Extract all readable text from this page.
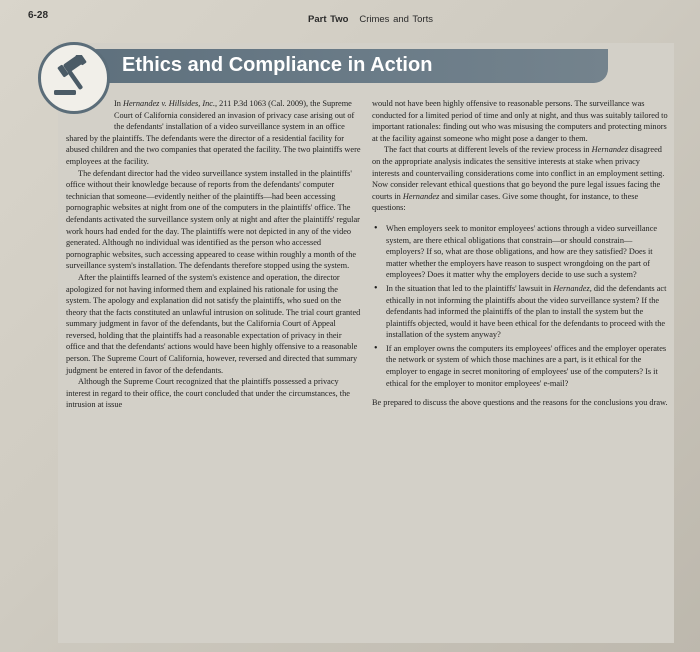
6-28	Part Two Crimes and Torts
Ethics and Compliance in Action

In Hernandez v. Hillsides, Inc., 211 P.3d 1063 (Cal. 2009), the Supreme Court of California considered an invasion of privacy case arising out of the defendants' installation of a video surveillance system in an office shared by the plaintiffs. The defendants were the director of a residential facility for abused children and the two companies that operated the facility. The two plaintiffs were employees at the facility.

The defendant director had the video surveillance system installed in the plaintiffs' office without their knowledge because of reports from the defendants' computer technician that someone—evidently neither of the plaintiffs—had been accessing pornographic websites at night from one of the computers in the plaintiffs' office. The defendants activated the surveillance system only at night and after the plaintiffs' regular work hours had ended for the day. The plaintiffs were not depicted in any of the video generated. Although no individual was identified as the person who accessed pornographic websites, such accessing appeared to cease within roughly a month of the surveillance system's installation. The defendants therefore stopped using the system.

After the plaintiffs learned of the system's existence and operation, the director apologized for not having informed them and explained his rationale for using the system. The apology and explanation did not satisfy the plaintiffs, who sued on the theory that the facts constituted an unlawful intrusion on solitude. The trial court granted summary judgment in favor of the defendants, but the California Court of Appeal reversed, holding that the plaintiffs had a reasonable expectation of privacy in their office and that the defendants' actions would have been highly offensive to a reasonable person. The Supreme Court of California, however, reversed and directed that summary judgment be entered in favor of the defendants.

Although the Supreme Court recognized that the plaintiffs possessed a privacy interest in regard to their office, the court concluded that under the circumstances, the intrusion at issue

would not have been highly offensive to reasonable persons. The surveillance was conducted for a limited period of time and only at night, and thus was suitably tailored to important rationales: finding out who was misusing the computers and protecting minors at the facility against someone who might pose a danger to them.

The fact that courts at different levels of the review process in Hernandez disagreed on the appropriate analysis indicates the sensitive interests at stake when privacy interests and countervailing considerations come into conflict in an employment setting. Now consider relevant ethical questions that go beyond the pure legal issues facing the courts in Hernandez and similar cases. Give some thought, for instance, to these questions:

• When employers seek to monitor employees' actions through a video surveillance system, are there ethical obligations that constrain—or should constrain—employers? If so, what are those obligations, and how are they satisfied? Does it matter whether the employers have reason to suspect wrongdoing on the part of employees? Does it matter why the employers decide to use such a system?
• In the situation that led to the plaintiffs' lawsuit in Hernandez, did the defendants act ethically in not informing the plaintiffs about the video surveillance system? If the defendants had informed the plaintiffs of the plan to install the system but the plaintiffs objected, would it have been ethical for the defendants to proceed with the installation of the system anyway?
• If an employer owns the computers its employees' offices and the employer operates the network or system of which those machines are a part, is it ethical for the employer to engage in secret monitoring of employees' use of the computers? Is it ethical for the employer to monitor employees' e-mail?

Be prepared to discuss the above questions and the reasons for the conclusions you draw.
